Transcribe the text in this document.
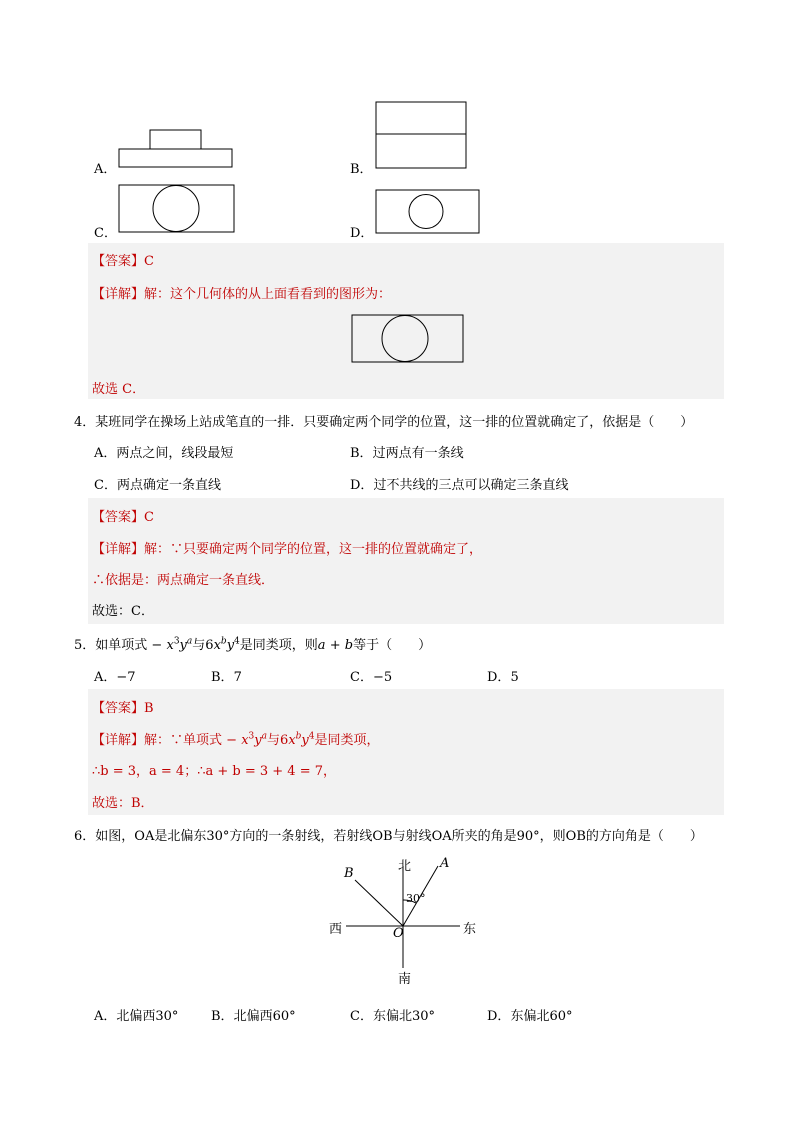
A．	B．
C．	D．
【答案】C
【详解】解：这个几何体的从上面看看到的图形为：
故选 C．
4．某班同学在操场上站成笔直的一排．只要确定两个同学的位置，这一排的位置就确定了，依据是（　　）
A．两点之间，线段最短	B．过两点有一条线
C．两点确定一条直线	D．过不共线的三点可以确定三条直线
【答案】C
【详解】解：∵只要确定两个同学的位置，这一排的位置就确定了，
∴依据是：两点确定一条直线．
故选：C．
5．如单项式 − $x^3y^a$与$6x^by^4$是同类项，则a + b等于（　　）
A．−7	B．7	C．−5	D．5
【答案】B
【详解】解：∵单项式 − $x^3y^a$与$6x^by^4$是同类项，
∴b = 3，a = 4；∴a + b = 3 + 4 = 7，
故选：B．
6．如图，OA是北偏东30°方向的一条射线，若射线OB与射线OA所夹的角是90°，则OB的方向角是（　　）
北
南
西	东
A
B
O
30°
A．北偏西30°	B．北偏西60°	C．东偏北30°	D．东偏北60°
